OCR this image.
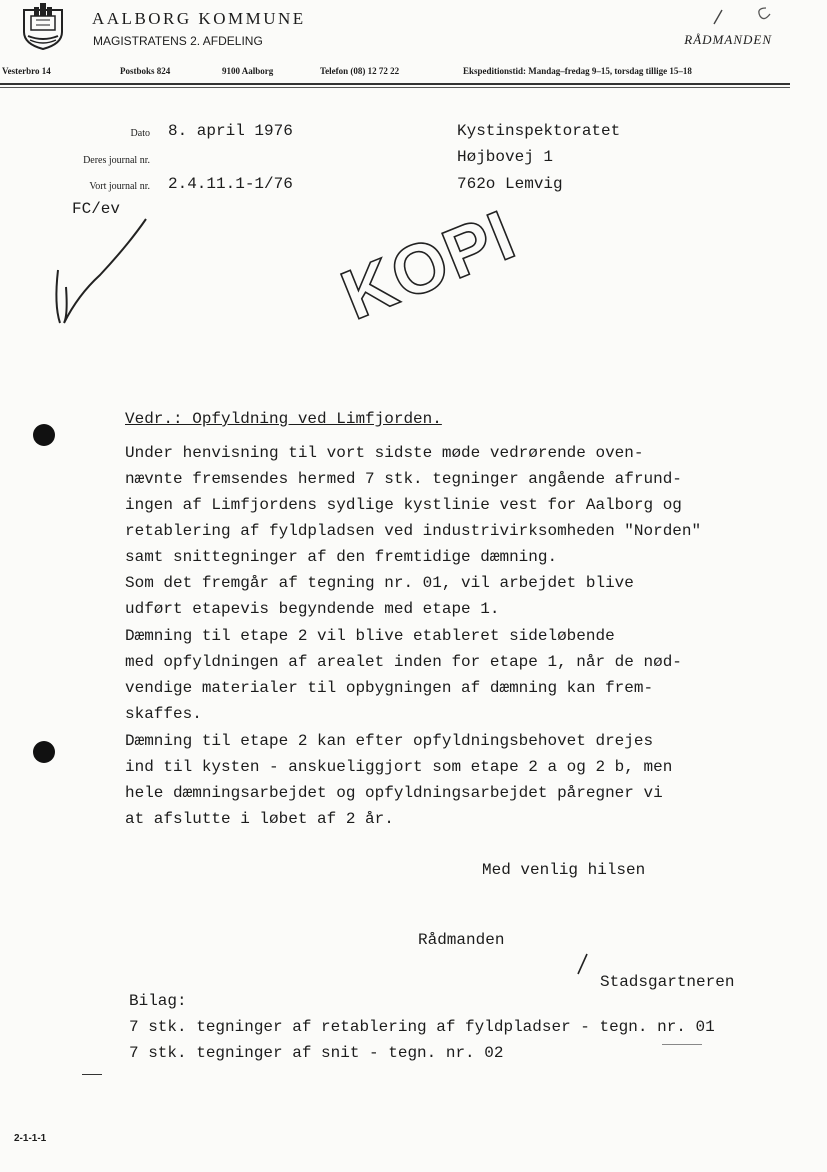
AALBORG KOMMUNE
MAGISTRATENS 2. AFDELING	RÅDMANDEN
Vesterbro 14	Postboks 824	9100 Aalborg	Telefon (08) 12 72 22	Ekspeditionstid: Mandag–fredag 9–15, torsdag tillige 15–18
Dato 8. april 1976
Deres journal nr.
Vort journal nr. 2.4.11.1-1/76
FC/ev
Kystinspektoratet
Højbovej 1
762o Lemvig
KOPI
Vedr.: Opfyldning ved Limfjorden.
Under henvisning til vort sidste møde vedrørende oven-
nævnte fremsendes hermed 7 stk. tegninger angående afrund-
ingen af Limfjordens sydlige kystlinie vest for Aalborg og
retablering af fyldpladsen ved industrivirksomheden "Norden"
samt snittegninger af den fremtidige dæmning.
Som det fremgår af tegning nr. 01, vil arbejdet blive
udført etapevis begyndende med etape 1.
Dæmning til etape 2 vil blive etableret sideløbende
med opfyldningen af arealet inden for etape 1, når de nød-
vendige materialer til opbygningen af dæmning kan frem-
skaffes.
Dæmning til etape 2 kan efter opfyldningsbehovet drejes
ind til kysten - anskueliggjort som etape 2 a og 2 b, men
hele dæmningsarbejdet og opfyldningsarbejdet påregner vi
at afslutte i løbet af 2 år.
Med venlig hilsen
Rådmanden
Stadsgartneren
Bilag:
7 stk. tegninger af retablering af fyldpladser - tegn. nr. 01
7 stk. tegninger af snit - tegn. nr. 02
2-1-1-1
